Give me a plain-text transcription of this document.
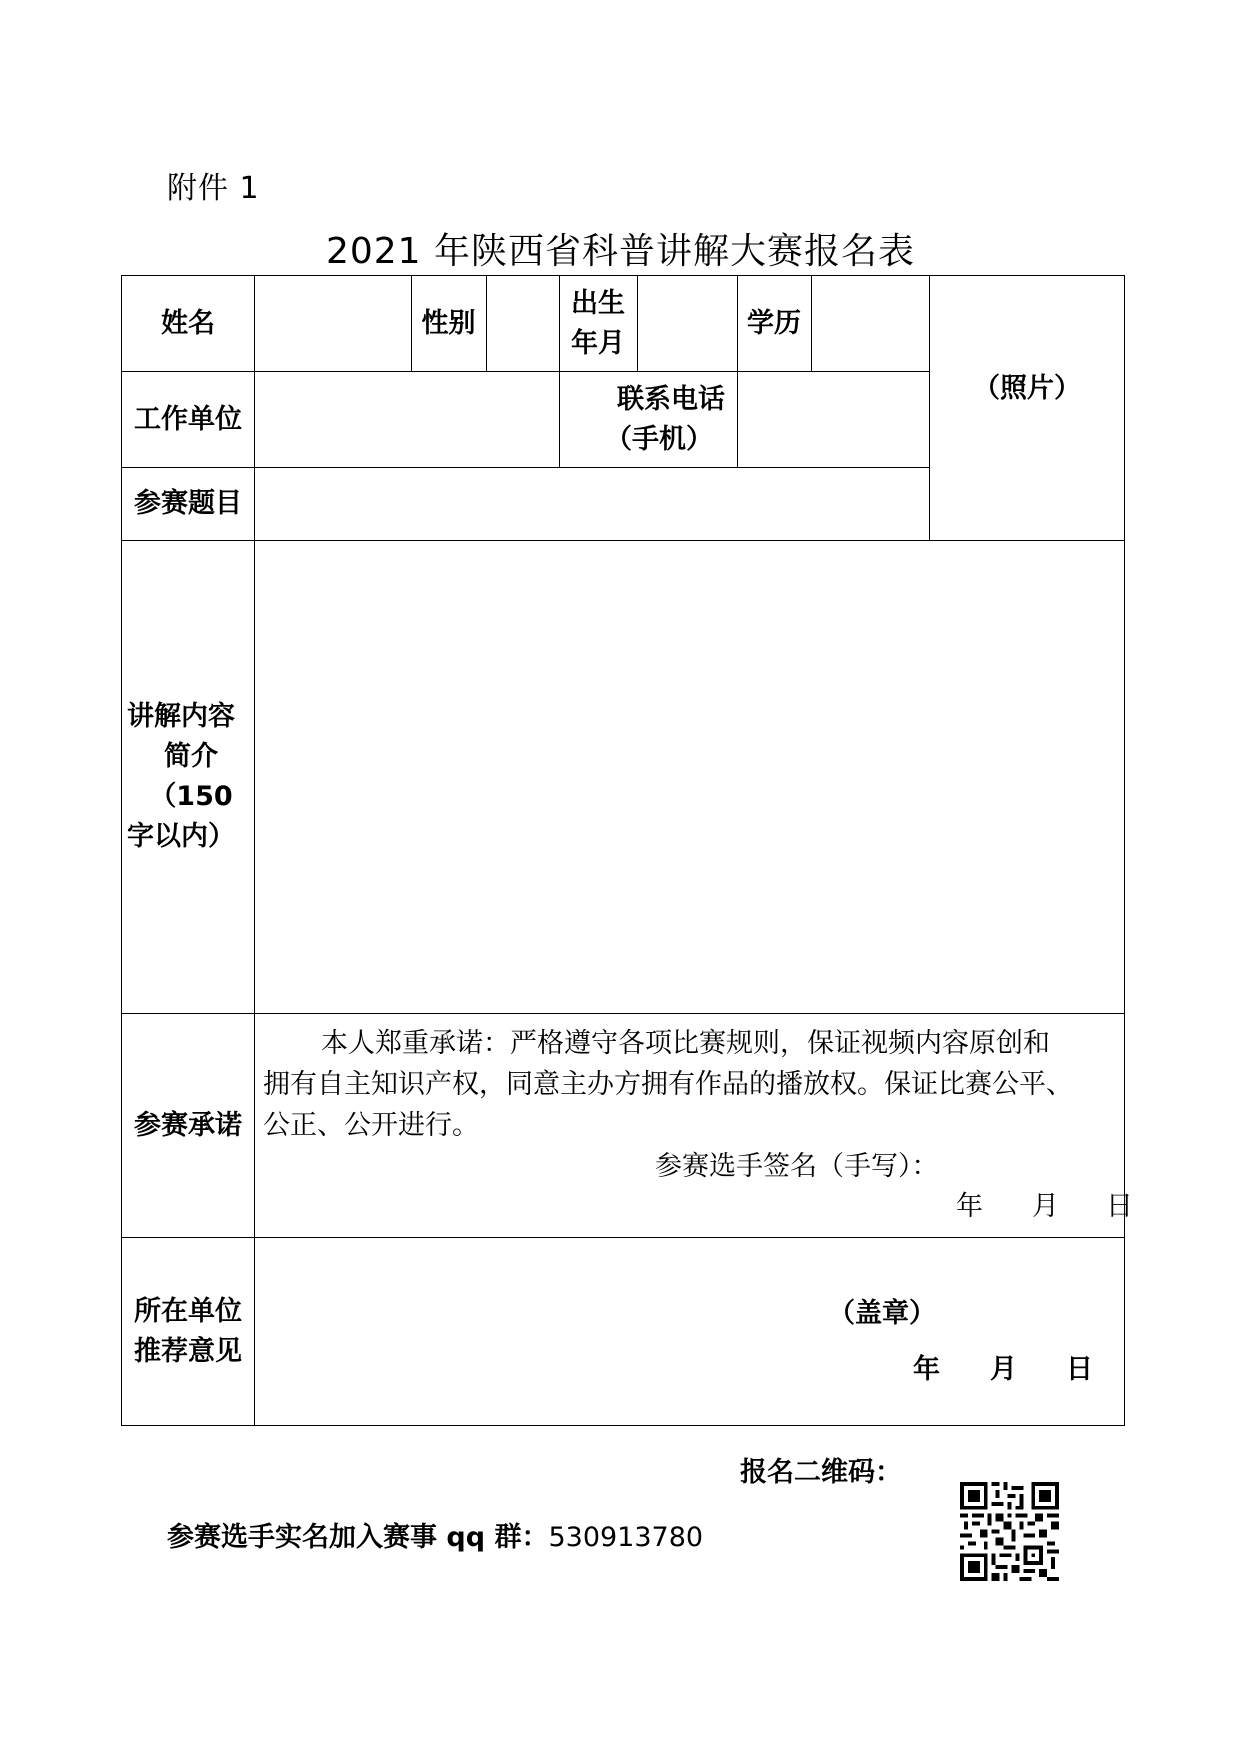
附件 1
2021 年陕西省科普讲解大赛报名表
姓名	性别
出生
年月
学历
（照片）
工作单位
联系电话
（手机）
参赛题目
讲解内容
简介（150
字以内）
参赛承诺
本人郑重承诺：严格遵守各项比赛规则，保证视频内容原创和
拥有自主知识产权，同意主办方拥有作品的播放权。保证比赛公平、
公正、公开进行。
参赛选手签名（手写）：
年 月 日
所在单位
推荐意见
（盖章）
年 月 日
报名二维码：
参赛选手实名加入赛事 qq 群：530913780
